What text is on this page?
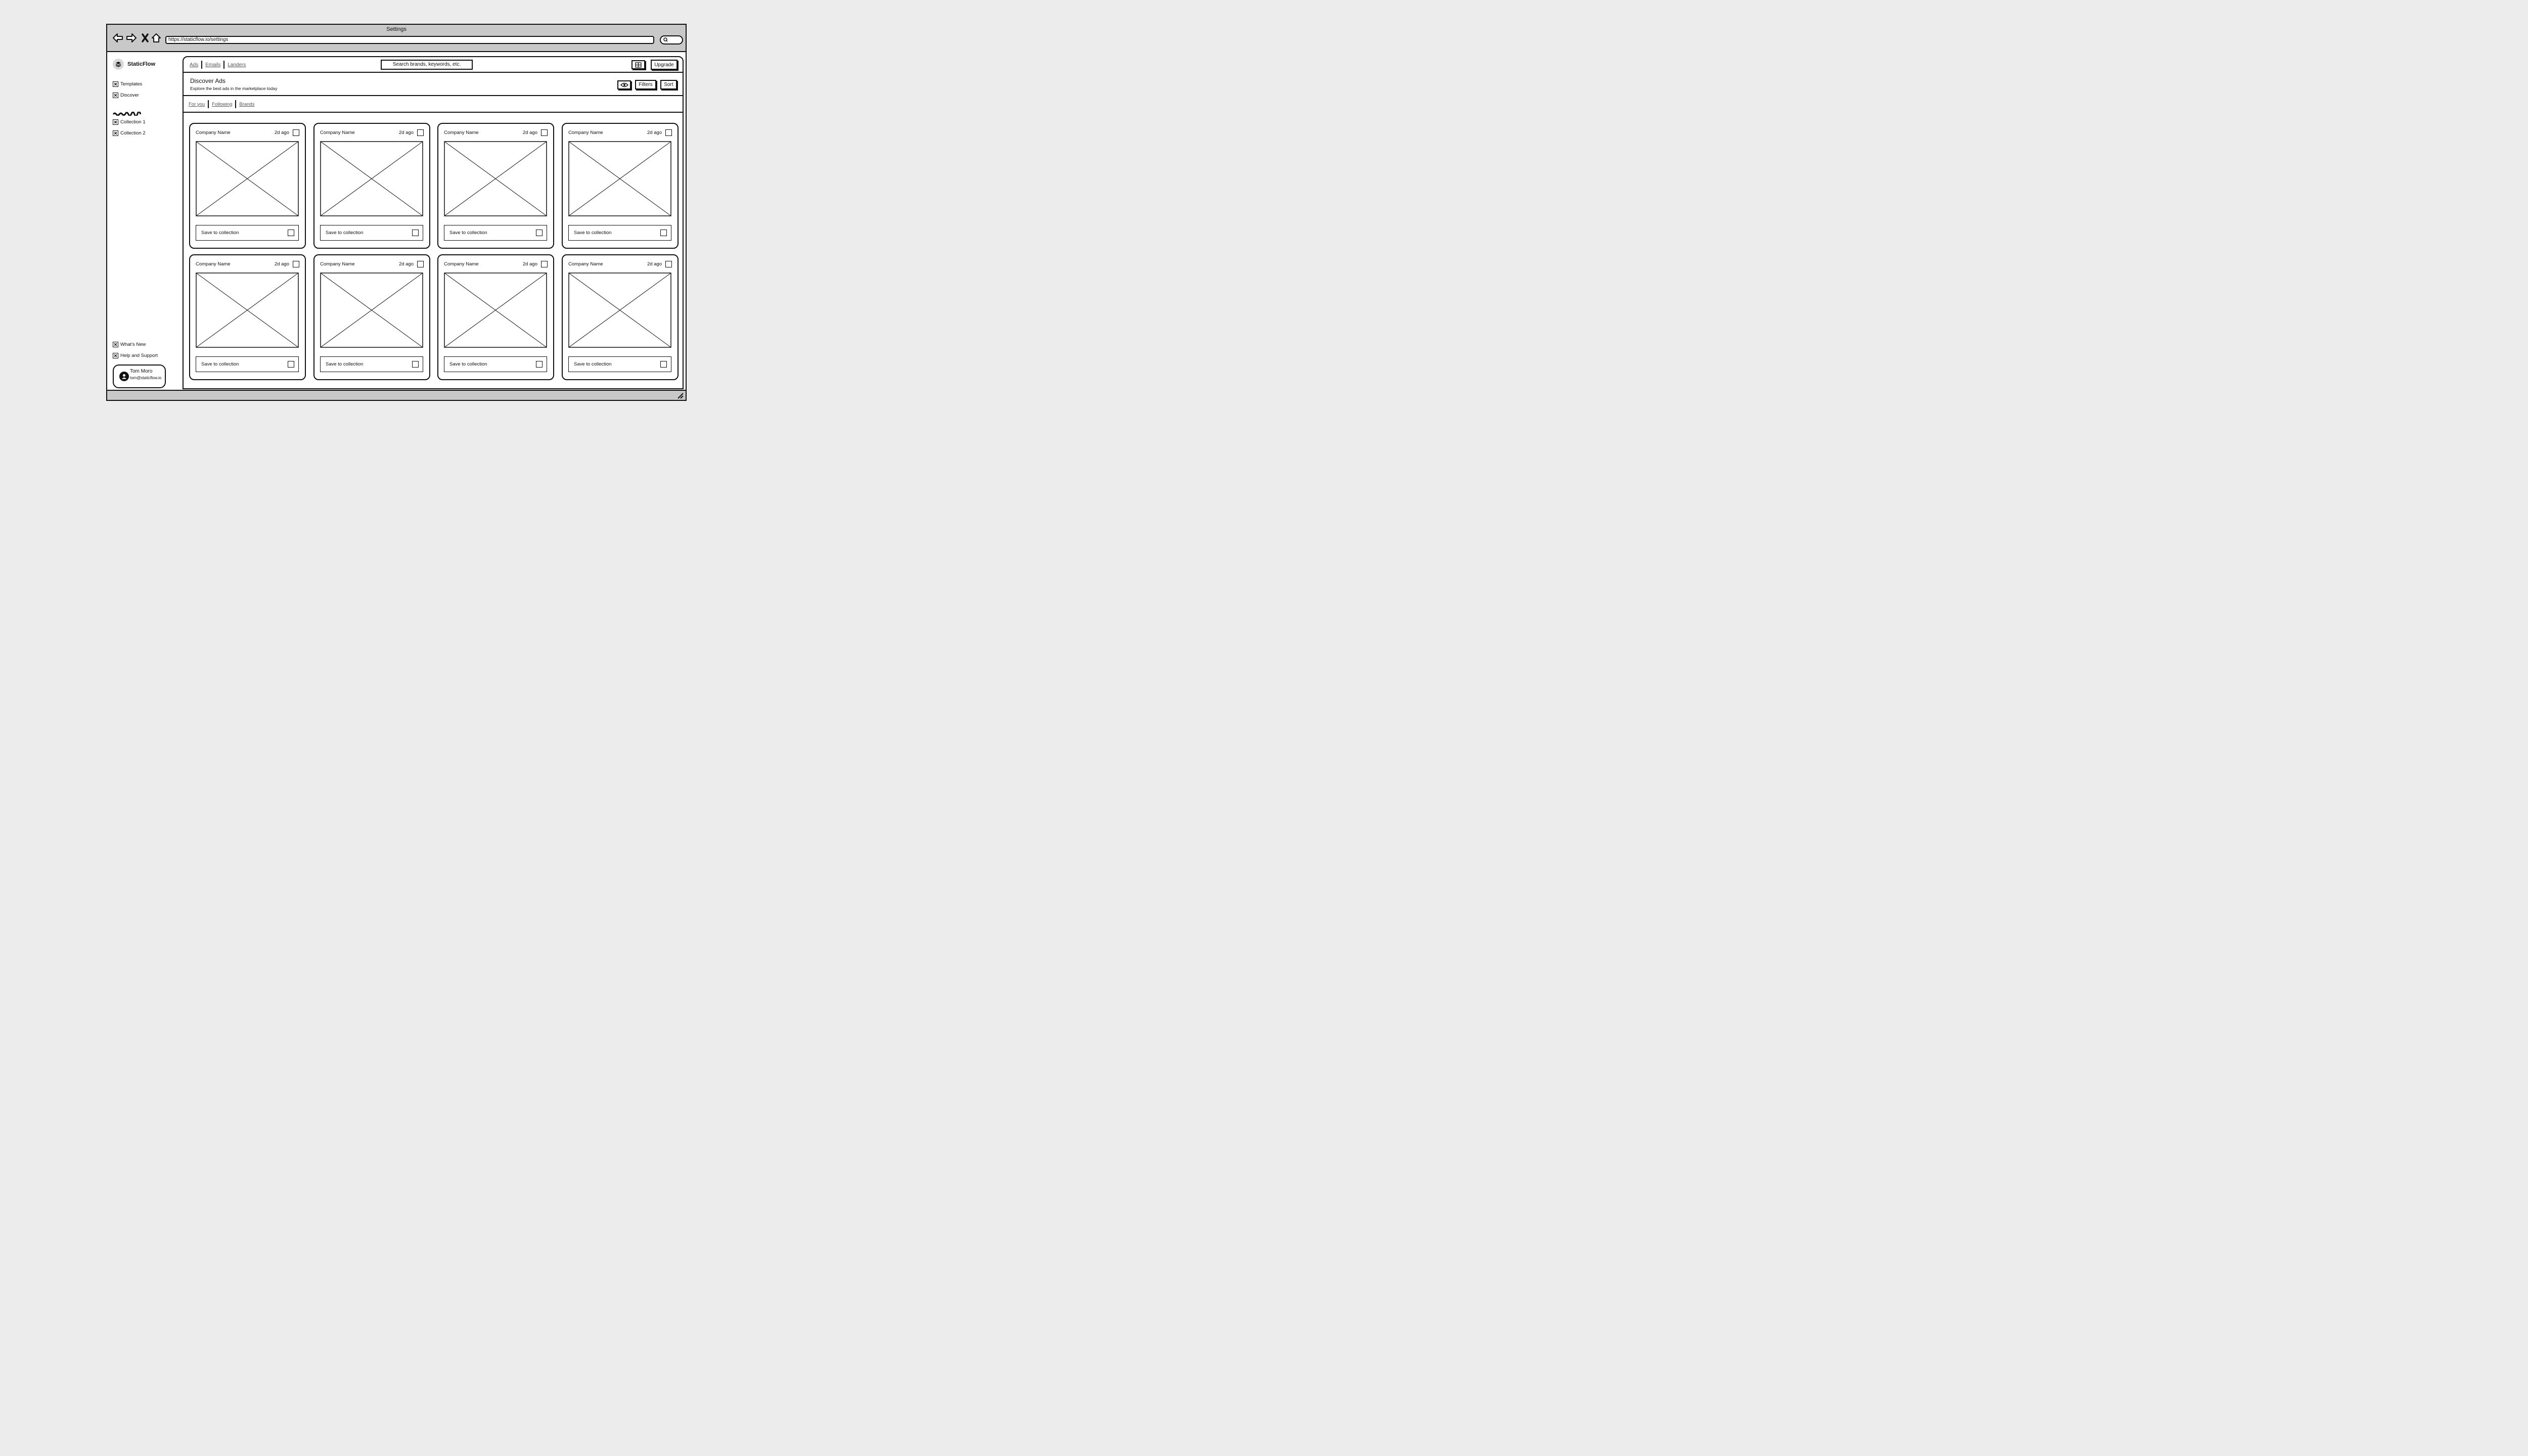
Settings
https://staticflow.io/settings
StaticFlow
Templates
Discover
Collection 1
Collection 2
What's New
Help and Support
Tom Moro
tom@staticflow.io
Ads Emails Landers	Search brands, keywords, etc.	Upgrade
Discover Ads
Explore the best ads in the marketplace today
Filters	Sort
For you Following Brands
Company Name	2d ago
Save to collection
Company Name	2d ago
Save to collection
Company Name	2d ago
Save to collection
Company Name	2d ago
Save to collection
Company Name	2d ago
Save to collection
Company Name	2d ago
Save to collection
Company Name	2d ago
Save to collection
Company Name	2d ago
Save to collection
